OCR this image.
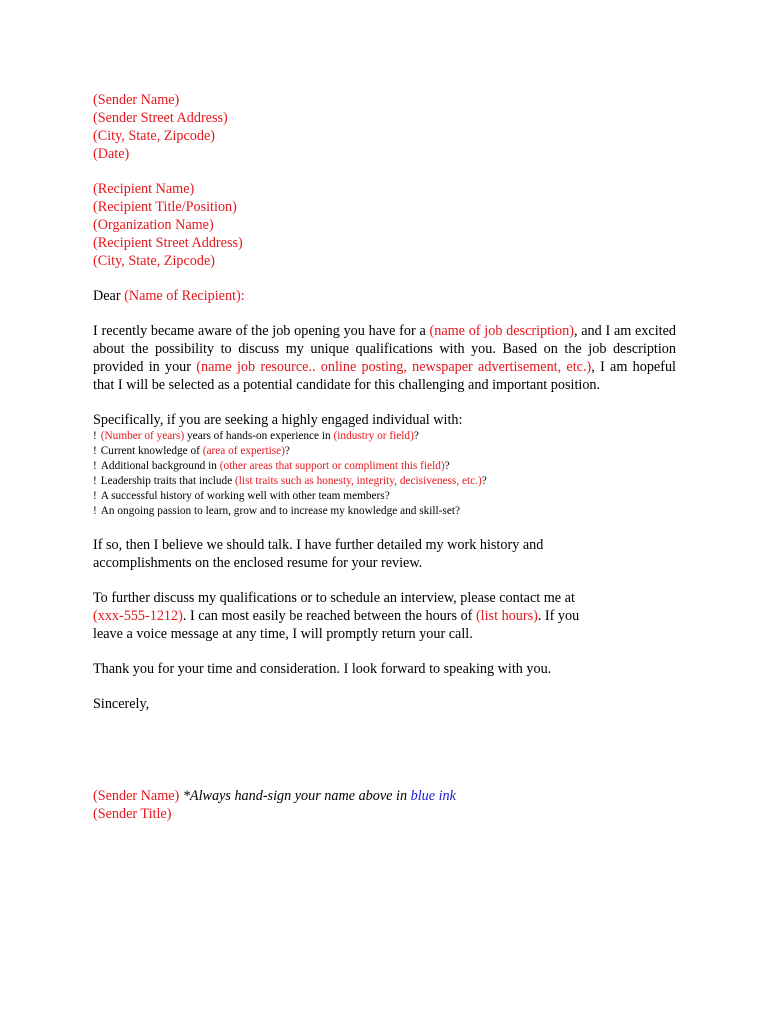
(Sender Name)
(Sender Street Address)
(City, State, Zipcode)
(Date)
(Recipient Name)
(Recipient Title/Position)
(Organization Name)
(Recipient Street Address)
(City, State, Zipcode)
Dear (Name of Recipient):

I recently became aware of the job opening you have for a (name of job description), and I am excited about the possibility to discuss my unique qualifications with you. Based on the job description provided in your (name job resource.. online posting, newspaper advertisement, etc.), I am hopeful that I will be selected as a potential candidate for this challenging and important position.

Specifically, if you are seeking a highly engaged individual with:
! (Number of years) years of hands-on experience in (industry or field)?
! Current knowledge of (area of expertise)?
! Additional background in (other areas that support or compliment this field)?
! Leadership traits that include (list traits such as honesty, integrity, decisiveness, etc.)?
! A successful history of working well with other team members?
! An ongoing passion to learn, grow and to increase my knowledge and skill-set?
If so, then I believe we should talk. I have further detailed my work history and
accomplishments on the enclosed resume for your review.
To further discuss my qualifications or to schedule an interview, please contact me at
(xxx-555-1212). I can most easily be reached between the hours of (list hours). If you
leave a voice message at any time, I will promptly return your call.
Thank you for your time and consideration. I look forward to speaking with you.
Sincerely,
(Sender Name) *Always hand-sign your name above in blue ink
(Sender Title)
